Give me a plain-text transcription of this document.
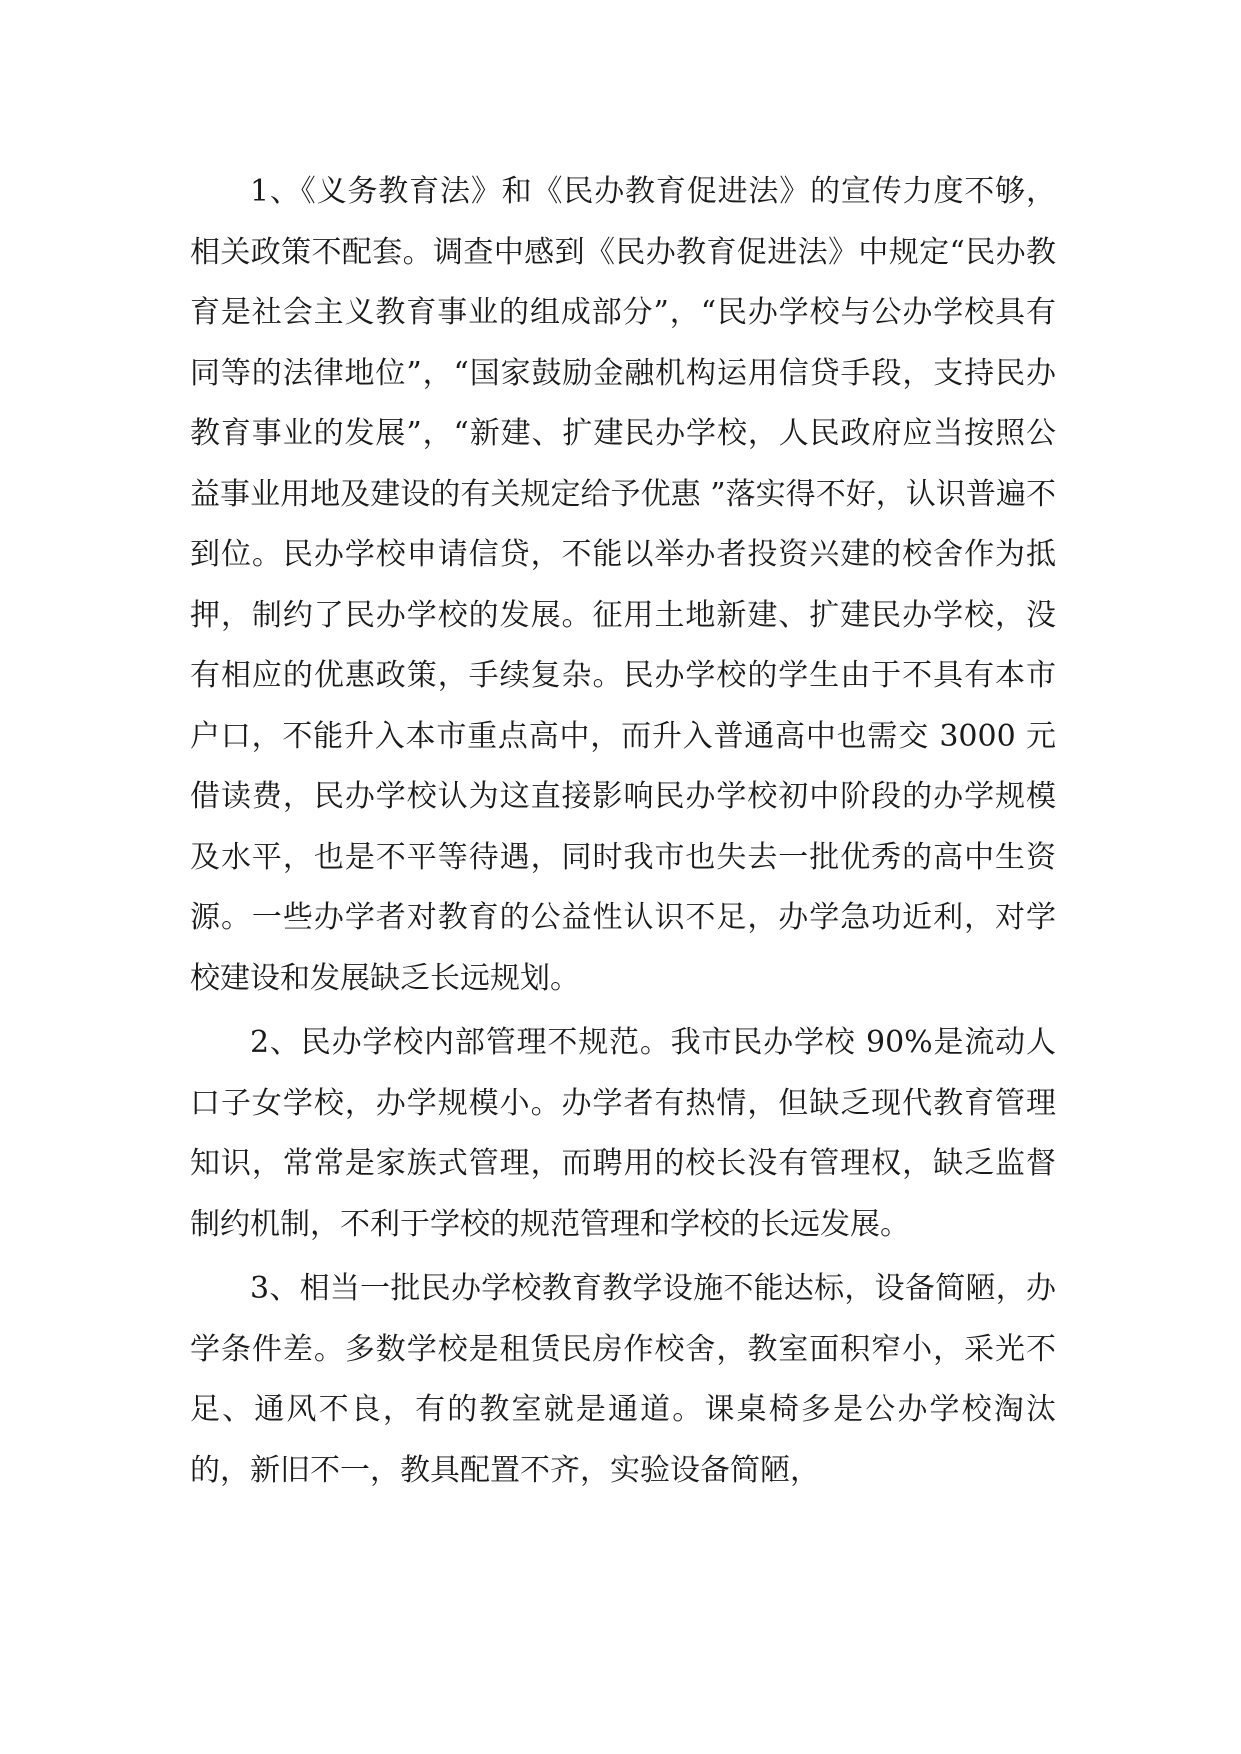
1、《义务教育法》和《民办教育促进法》的宣传力度不够，相关政策不配套。调查中感到《民办教育促进法》中规定“民办教育是社会主义教育事业的组成部分”，“民办学校与公办学校具有同等的法律地位”，“国家鼓励金融机构运用信贷手段，支持民办教育事业的发展”，“新建、扩建民办学校，人民政府应当按照公益事业用地及建设的有关规定给予优惠 ”落实得不好，认识普遍不到位。民办学校申请信贷，不能以举办者投资兴建的校舍作为抵押，制约了民办学校的发展。征用土地新建、扩建民办学校，没有相应的优惠政策，手续复杂。民办学校的学生由于不具有本市户口，不能升入本市重点高中，而升入普通高中也需交 3000 元借读费，民办学校认为这直接影响民办学校初中阶段的办学规模及水平，也是不平等待遇，同时我市也失去一批优秀的高中生资源。一些办学者对教育的公益性认识不足，办学急功近利，对学校建设和发展缺乏长远规划。

2、民办学校内部管理不规范。我市民办学校 90%是流动人口子女学校，办学规模小。办学者有热情，但缺乏现代教育管理知识，常常是家族式管理，而聘用的校长没有管理权，缺乏监督制约机制，不利于学校的规范管理和学校的长远发展。

3、相当一批民办学校教育教学设施不能达标，设备简陋，办学条件差。多数学校是租赁民房作校舍，教室面积窄小，采光不足、通风不良，有的教室就是通道。课桌椅多是公办学校淘汰的，新旧不一，教具配置不齐，实验设备简陋，
